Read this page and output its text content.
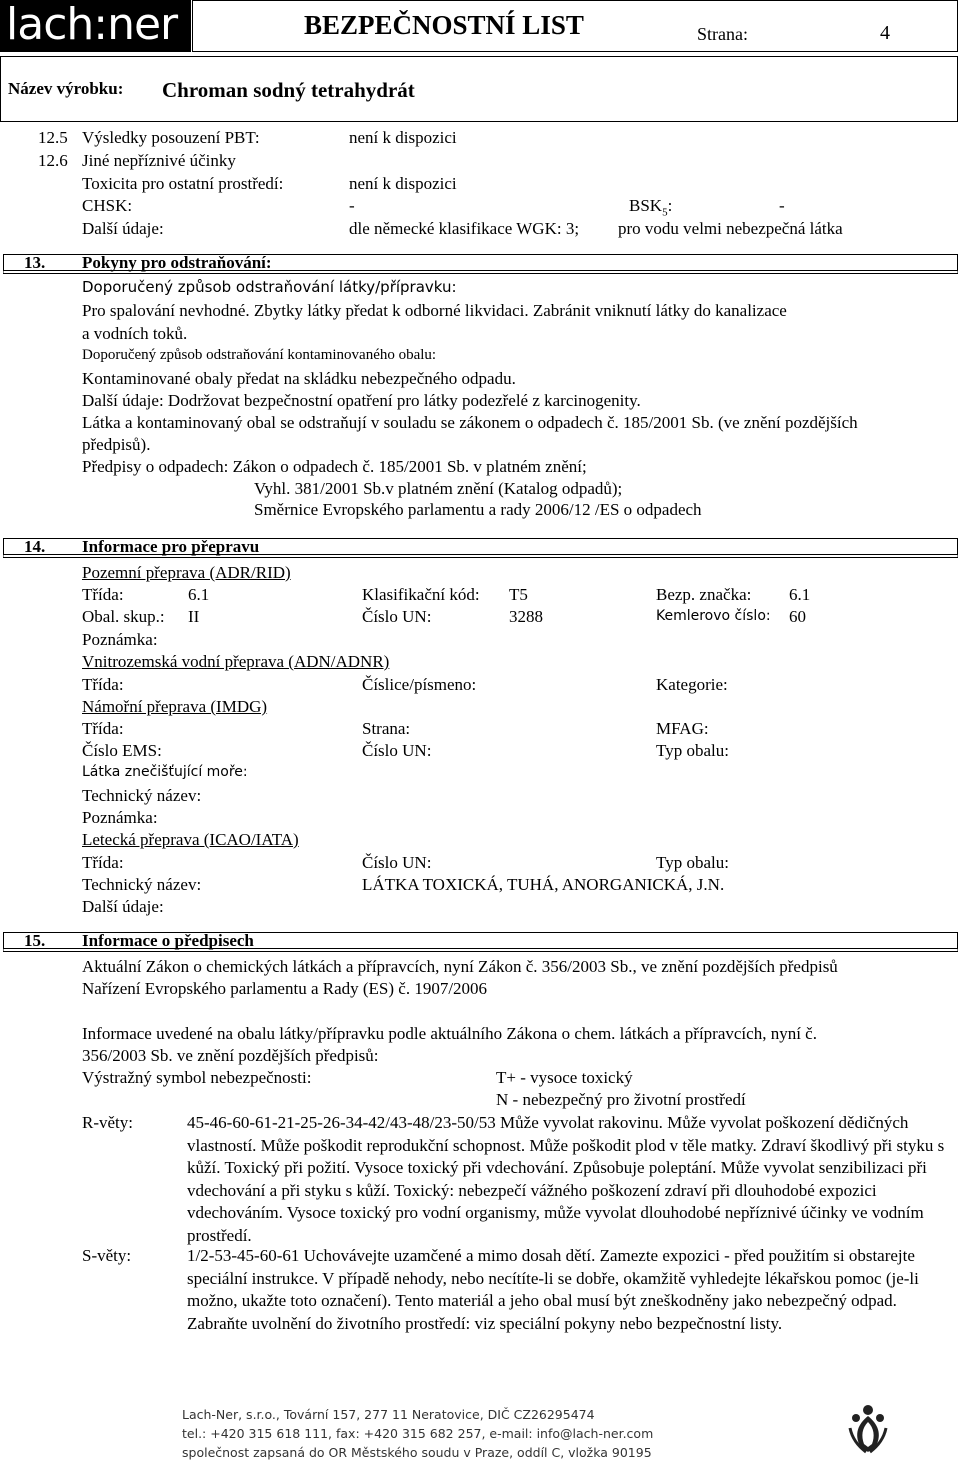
lach:ner	BEZPEČNOSTNÍ LIST	Strana:	4
Název výrobku: Chroman sodný tetrahydrát
12.5 Výsledky posouzení PBT:	není k dispozici
12.6 Jiné nepříznivé účinky
Toxicita pro ostatní prostředí:	není k dispozici
CHSK:	-	$BSK_5$:	-
Další údaje:	dle německé klasifikace WGK: 3; pro vodu velmi nebezpečná látka
13. Pokyny pro odstraňování:
Doporučený způsob odstraňování látky/přípravku:
Pro spalování nevhodné. Zbytky látky předat k odborné likvidaci. Zabránit vniknutí látky do kanalizace
a vodních toků.
Doporučený způsob odstraňování kontaminovaného obalu:
Kontaminované obaly předat na skládku nebezpečného odpadu.
Další údaje: Dodržovat bezpečnostní opatření pro látky podezřelé z karcinogenity.
Látka a kontaminovaný obal se odstraňují v souladu se zákonem o odpadech č. 185/2001 Sb. (ve znění pozdějších
předpisů).
Předpisy o odpadech: Zákon o odpadech č. 185/2001 Sb. v platném znění;
Vyhl. 381/2001 Sb.v platném znění (Katalog odpadů);
Směrnice Evropského parlamentu a rady 2006/12 /ES o odpadech
14. Informace pro přepravu
Pozemní přeprava (ADR/RID)
Třída:	6.1	Klasifikační kód: T5	Bezp. značka: 6.1
Obal. skup.: II	Číslo UN:	3288	Kemlerovo číslo: 60
Poznámka:
Vnitrozemská vodní přeprava (ADN/ADNR)
Třída:	Číslice/písmeno:	Kategorie:
Námořní přeprava (IMDG)
Třída:	Strana:	MFAG:
Číslo EMS:	Číslo UN:	Typ obalu:
Látka znečišťující moře:
Technický název:
Poznámka:
Letecká přeprava (ICAO/IATA)
Třída:	Číslo UN:	Typ obalu:
Technický název:	LÁTKA TOXICKÁ, TUHÁ, ANORGANICKÁ, J.N.
Další údaje:
15. Informace o předpisech
Aktuální Zákon o chemických látkách a přípravcích, nyní Zákon č. 356/2003 Sb., ve znění pozdějších předpisů
Nařízení Evropského parlamentu a Rady (ES) č. 1907/2006
Informace uvedené na obalu látky/přípravku podle aktuálního Zákona o chem. látkách a přípravcích, nyní č.
356/2003 Sb. ve znění pozdějších předpisů:
Výstražný symbol nebezpečnosti:	T+ - vysoce toxický
N - nebezpečný pro životní prostředí
R-věty:	45-46-60-61-21-25-26-34-42/43-48/23-50/53 Může vyvolat rakovinu. Může vyvolat poškození dědičných vlastností. Může poškodit reprodukční schopnost. Může poškodit plod v těle matky. Zdraví škodlivý při styku s kůží. Toxický při požití. Vysoce toxický při vdechování. Způsobuje poleptání. Může vyvolat senzibilizaci při vdechování a při styku s kůží. Toxický: nebezpečí vážného poškození zdraví při dlouhodobé expozici vdechováním. Vysoce toxický pro vodní organismy, může vyvolat dlouhodobé nepříznivé účinky ve vodním prostředí.
S-věty:	1/2-53-45-60-61 Uchovávejte uzamčené a mimo dosah dětí. Zamezte expozici - před použitím si obstarejte speciální instrukce. V případě nehody, nebo necítíte-li se dobře, okamžitě vyhledejte lékařskou pomoc (je-li možno, ukažte toto označení). Tento materiál a jeho obal musí být zneškodněny jako nebezpečný odpad. Zabraňte uvolnění do životního prostředí: viz speciální pokyny nebo bezpečnostní listy.
Lach-Ner, s.r.o., Tovární 157, 277 11 Neratovice, DIČ CZ26295474
tel.: +420 315 618 111, fax: +420 315 682 257, e-mail: info@lach-ner.com
společnost zapsaná do OR Městského soudu v Praze, oddíl C, vložka 90195
